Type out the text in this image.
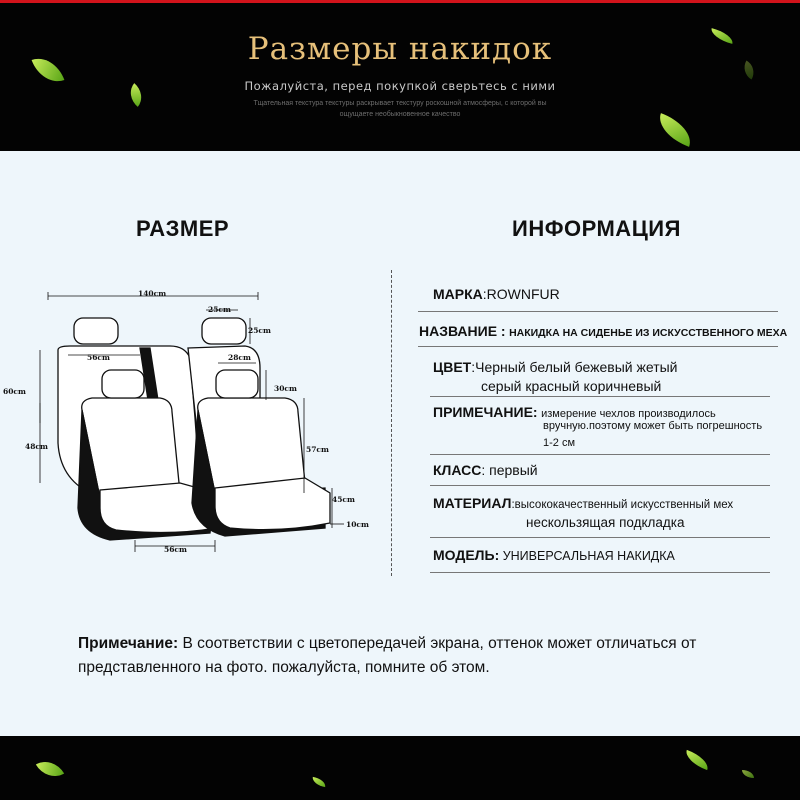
Размеры накидок
Пожалуйста, перед покупкой сверьтесь с ними
Тщательная текстура текстуры раскрывает текстуру роскошной атмосферы, с которой вы
ощущаете необыкновенное качество
РАЗМЕР	ИНФОРМАЦИЯ
140cm
25cm
25cm
56cm	28cm
30cm
60cm
48cm	57cm
45cm
10cm
56cm
МАРКА:ROWNFUR
НАЗВАНИЕ : НАКИДКА НА СИДЕНЬЕ ИЗ ИСКУССТВЕННОГО МЕХА
ЦВЕТ:Черный белый бежевый жетый
серый красный коричневый
ПРИМЕЧАНИЕ: измерение чехлов производилось
вручную.поэтому может быть погрешность
1-2 см
КЛАСС: первый
МАТЕРИАЛ:высококачественный искусственный мех
нескользящая подкладка
МОДЕЛЬ: УНИВЕРСАЛЬНАЯ НАКИДКА
Примечание: В соответствии с цветопередачей экрана, оттенок может отличаться от представленного на фото. пожалуйста, помните об этом.
